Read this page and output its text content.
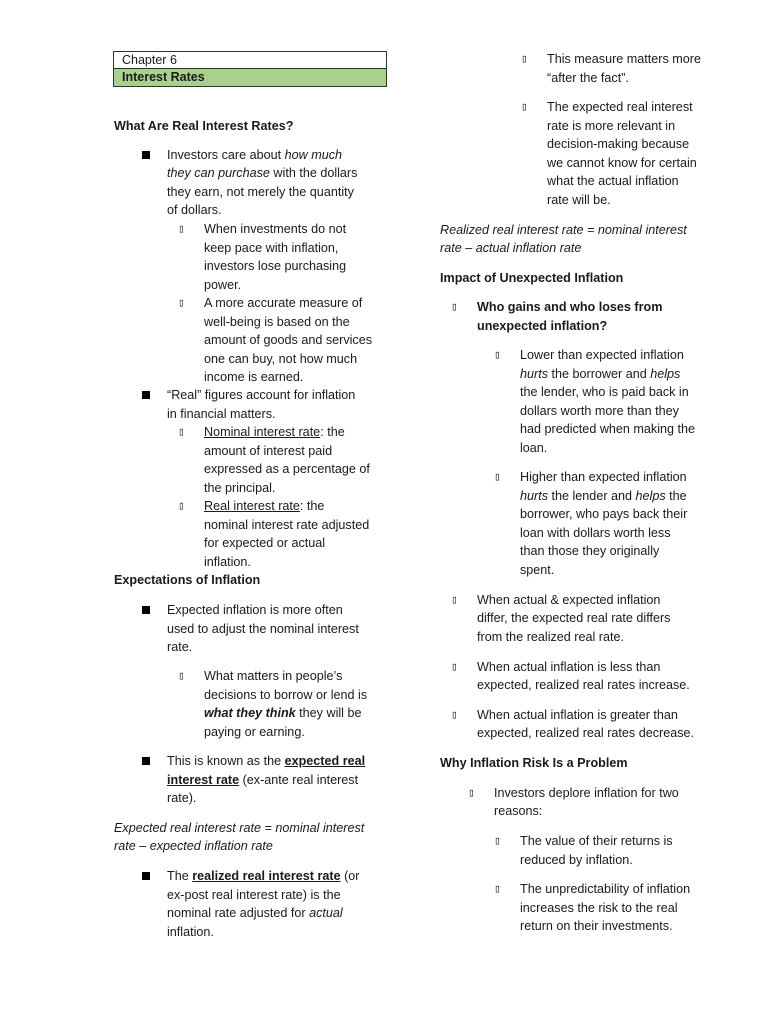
Chapter 6
Interest Rates
What Are Real Interest Rates?
Investors care about how much
they can purchase with the dollars
they earn, not merely the quantity
of dollars.
▯ When investments do not
keep pace with inflation,
investors lose purchasing
power.
▯ A more accurate measure of
well-being is based on the
amount of goods and services
one can buy, not how much
income is earned.
“Real” figures account for inflation
in financial matters.
▯ Nominal interest rate: the
amount of interest paid
expressed as a percentage of
the principal.
▯ Real interest rate: the
nominal interest rate adjusted
for expected or actual
inflation.
Expectations of Inflation
Expected inflation is more often
used to adjust the nominal interest
rate.
▯ What matters in people’s
decisions to borrow or lend is
what they think they will be
paying or earning.
This is known as the expected real
interest rate (ex-ante real interest
rate).
Expected real interest rate = nominal interest
rate – expected inflation rate
The realized real interest rate (or
ex-post real interest rate) is the
nominal rate adjusted for actual
inflation.
▯ This measure matters more
“after the fact”.
▯ The expected real interest
rate is more relevant in
decision-making because
we cannot know for certain
what the actual inflation
rate will be.
Realized real interest rate = nominal interest
rate – actual inflation rate
Impact of Unexpected Inflation
▯ Who gains and who loses from
unexpected inflation?
▯ Lower than expected inflation
hurts the borrower and helps
the lender, who is paid back in
dollars worth more than they
had predicted when making the
loan.
▯ Higher than expected inflation
hurts the lender and helps the
borrower, who pays back their
loan with dollars worth less
than those they originally
spent.
▯ When actual & expected inflation
differ, the expected real rate differs
from the realized real rate.
▯ When actual inflation is less than
expected, realized real rates increase.
▯ When actual inflation is greater than
expected, realized real rates decrease.
Why Inflation Risk Is a Problem
▯ Investors deplore inflation for two
reasons:
▯ The value of their returns is
reduced by inflation.
▯ The unpredictability of inflation
increases the risk to the real
return on their investments.
